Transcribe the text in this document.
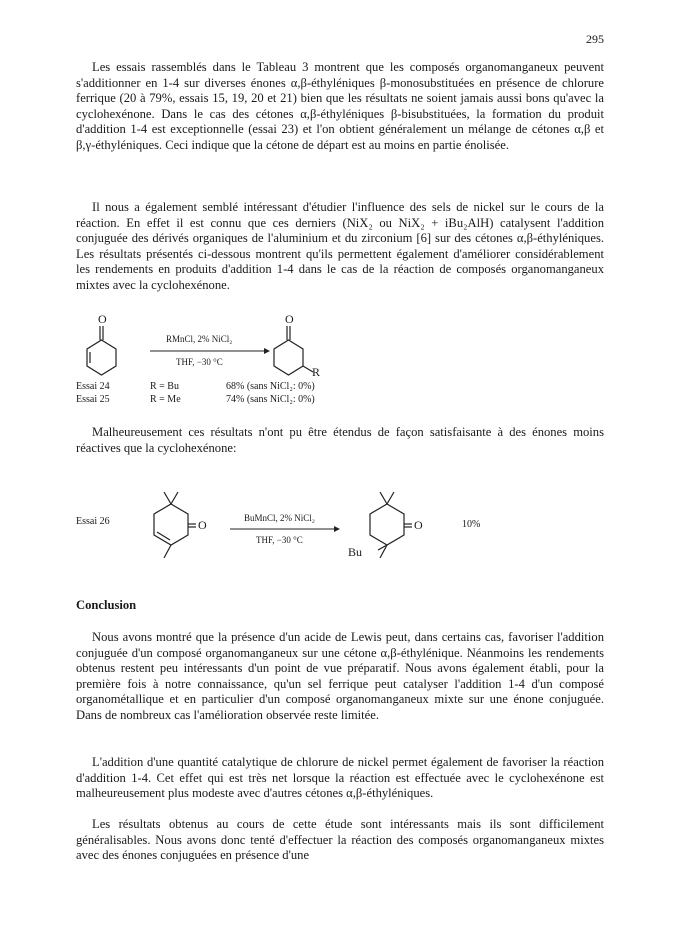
295

Les essais rassemblés dans le Tableau 3 montrent que les composés organomanganeux peuvent s'additionner en 1-4 sur diverses énones α,β-éthyléniques β-monosubstituées en présence de chlorure ferrique (20 à 79%, essais 15, 19, 20 et 21) bien que les résultats ne soient jamais aussi bons qu'avec la cyclohexénone. Dans le cas des cétones α,β-éthyléniques β-bisubstituées, la formation du produit d'addition 1-4 est exceptionnelle (essai 23) et l'on obtient généralement un mélange de cétones α,β et β,γ-éthyléniques. Ceci indique que la cétone de départ est au moins en partie énolisée.

Il nous a également semblé intéressant d'étudier l'influence des sels de nickel sur le cours de la réaction. En effet il est connu que ces derniers (NiX₂ ou NiX₂ + iBu₂AlH) catalysent l'addition conjuguée des dérivés organiques de l'aluminium et du zirconium [6] sur des cétones α,β-éthyléniques. Les résultats présentés ci-dessous montrent qu'ils permettent également d'améliorer considérablement les rendements en produits d'addition 1-4 dans le cas de la réaction de composés organomanganeux mixtes avec la cyclohexénone.

O
RMnCl, 2% NiCl₂
THF, −30 °C
O
R
Essai 24	R = Bu	68% (sans NiCl₂: 0%)
Essai 25	R = Me	74% (sans NiCl₂: 0%)

Malheureusement ces résultats n'ont pu être étendus de façon satisfaisante à des énones moins réactives que la cyclohexénone:

Essai 26	O	BuMnCl, 2% NiCl₂
THF, −30 °C
O
Bu
10%
Conclusion

Nous avons montré que la présence d'un acide de Lewis peut, dans certains cas, favoriser l'addition conjuguée d'un composé organomanganeux sur une cétone α,β-éthylénique. Néanmoins les rendements obtenus restent peu intéressants d'un point de vue préparatif. Nous avons également établi, pour la première fois à notre connaissance, qu'un sel ferrique peut catalyser l'addition 1-4 d'un composé organométallique et en particulier d'un composé organomanganeux mixte sur une énone conjuguée. Dans de nombreux cas l'amélioration observée reste limitée.

L'addition d'une quantité catalytique de chlorure de nickel permet également de favoriser la réaction d'addition 1-4. Cet effet qui est très net lorsque la réaction est effectuée avec le cyclohexénone est malheureusement plus modeste avec d'autres cétones α,β-éthyléniques.

Les résultats obtenus au cours de cette étude sont intéressants mais ils sont difficilement généralisables. Nous avons donc tenté d'effectuer la réaction des composés organomanganeux mixtes avec des énones conjuguées en présence d'une
